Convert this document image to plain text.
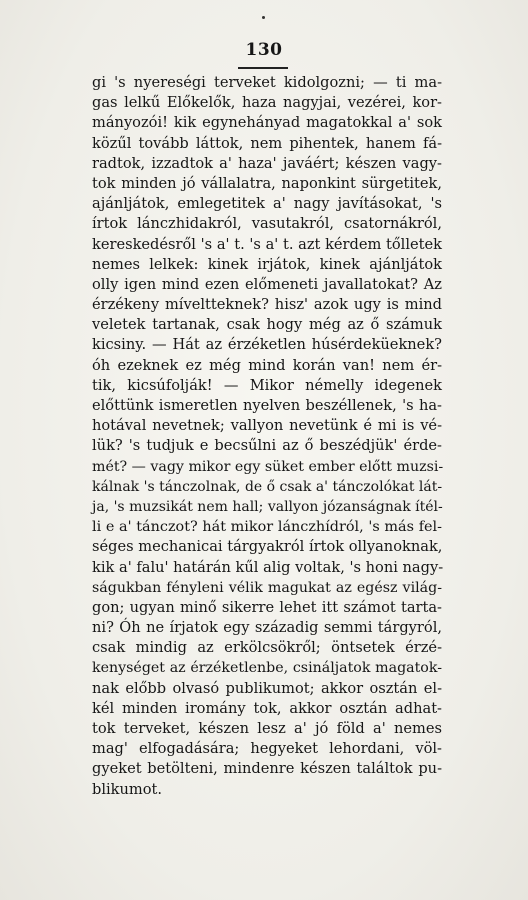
130
gi 's nyereségi terveket kidolgozni; — ti ma-
gas lelkű Előkelők, haza nagyjai, vezérei, kor-
mányozói! kik egynehányad magatokkal a' sok
közűl tovább láttok, nem pihentek, hanem fá-
radtok, izzadtok a' haza' javáért; készen vagy-
tok minden jó vállalatra, naponkint sürgetitek,
ajánljátok, emlegetitek a' nagy javításokat, 's
írtok lánczhidakról, vasutakról, csatornákról,
kereskedésről 's a' t. 's a' t. azt kérdem tőlletek
nemes lelkek: kinek irjátok, kinek ajánljátok
olly igen mind ezen előmeneti javallatokat? Az
érzékeny míveltteknek? hisz' azok ugy is mind
veletek tartanak, csak hogy még az ő számuk
kicsiny. — Hát az érzéketlen húsérdeküeknek?
óh ezeknek ez még mind korán van! nem ér-
tik, kicsúfolják! — Mikor némelly idegenek
előttünk ismeretlen nyelven beszéllenek, 's ha-
hotával nevetnek; vallyon nevetünk é mi is vé-
lük? 's tudjuk e becsűlni az ő beszédjük' érde-
mét? — vagy mikor egy süket ember előtt muzsi-
kálnak 's tánczolnak, de ő csak a' tánczolókat lát-
ja, 's muzsikát nem hall; vallyon józanságnak ítél-
li e a' tánczot? hát mikor lánczhídról, 's más fel-
séges mechanicai tárgyakról írtok ollyanoknak,
kik a' falu' határán kűl alig voltak, 's honi nagy-
ságukban fényleni vélik magukat az egész világ-
gon; ugyan minő sikerre lehet itt számot tarta-
ni? Óh ne írjatok egy századig semmi tárgyról,
csak mindig az erkölcsökről; öntsetek érzé-
kenységet az érzéketlenbe, csináljatok magatok-
nak előbb olvasó publikumot; akkor osztán el-
kél minden iromány tok, akkor osztán adhat-
tok terveket, készen lesz a' jó föld a' nemes
mag' elfogadására; hegyeket lehordani, völ-
gyeket betölteni, mindenre készen találtok pu-
blikumot.
